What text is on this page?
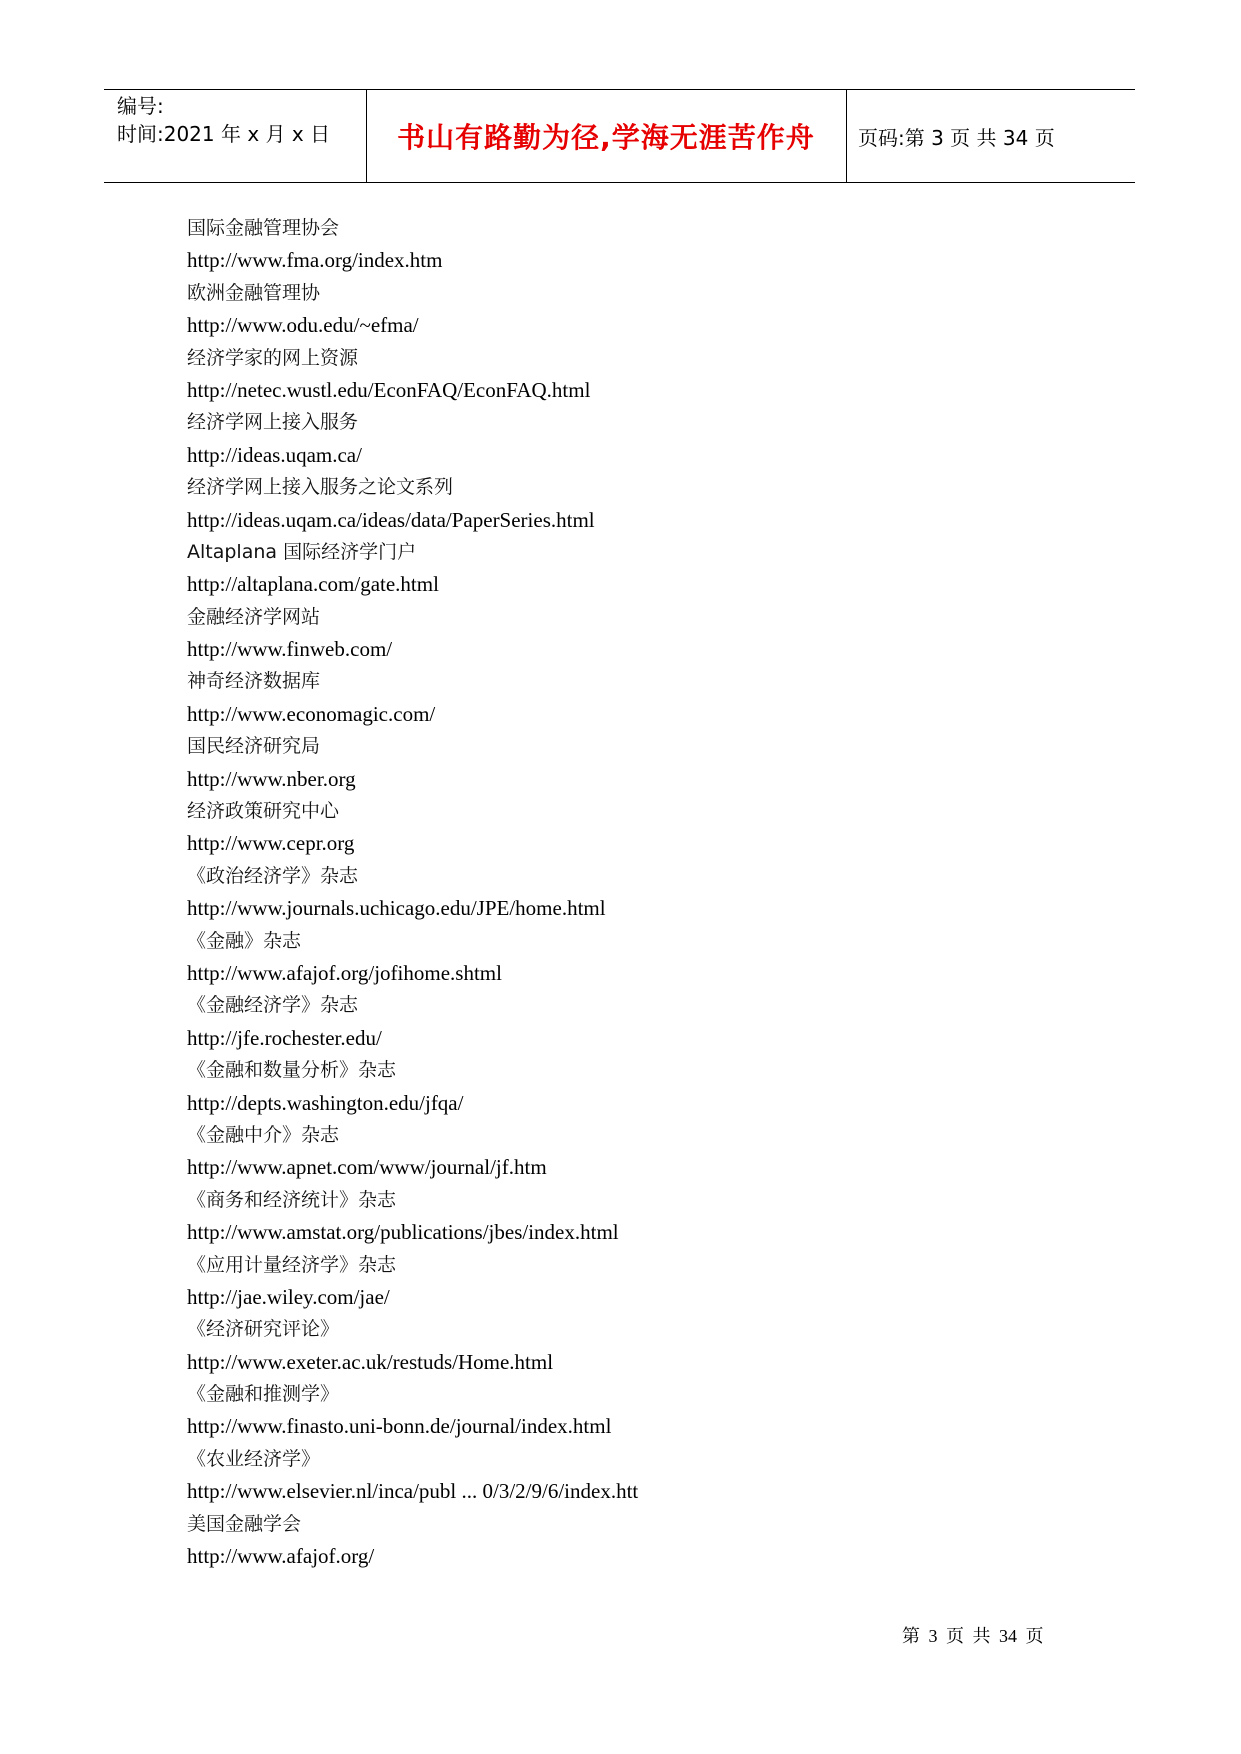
编号:
时间:2021 年 x 月 x 日 书山有路勤为径,学海无涯苦作舟 页码:第 3 页 共 34 页
国际金融管理协会
http://www.fma.org/index.htm
欧洲金融管理协
http://www.odu.edu/~efma/
经济学家的网上资源
http://netec.wustl.edu/EconFAQ/EconFAQ.html
经济学网上接入服务
http://ideas.uqam.ca/
经济学网上接入服务之论文系列
http://ideas.uqam.ca/ideas/data/PaperSeries.html
Altaplana 国际经济学门户
http://altaplana.com/gate.html
金融经济学网站
http://www.finweb.com/
神奇经济数据库
http://www.economagic.com/
国民经济研究局
http://www.nber.org
经济政策研究中心
http://www.cepr.org
《政治经济学》杂志
http://www.journals.uchicago.edu/JPE/home.html
《金融》杂志
http://www.afajof.org/jofihome.shtml
《金融经济学》杂志
http://jfe.rochester.edu/
《金融和数量分析》杂志
http://depts.washington.edu/jfqa/
《金融中介》杂志
http://www.apnet.com/www/journal/jf.htm
《商务和经济统计》杂志
http://www.amstat.org/publications/jbes/index.html
《应用计量经济学》杂志
http://jae.wiley.com/jae/
《经济研究评论》
http://www.exeter.ac.uk/restuds/Home.html
《金融和推测学》
http://www.finasto.uni-bonn.de/journal/index.html
《农业经济学》
http://www.elsevier.nl/inca/publ ... 0/3/2/9/6/index.htt
美国金融学会
http://www.afajof.org/
第 3 页 共 34 页
